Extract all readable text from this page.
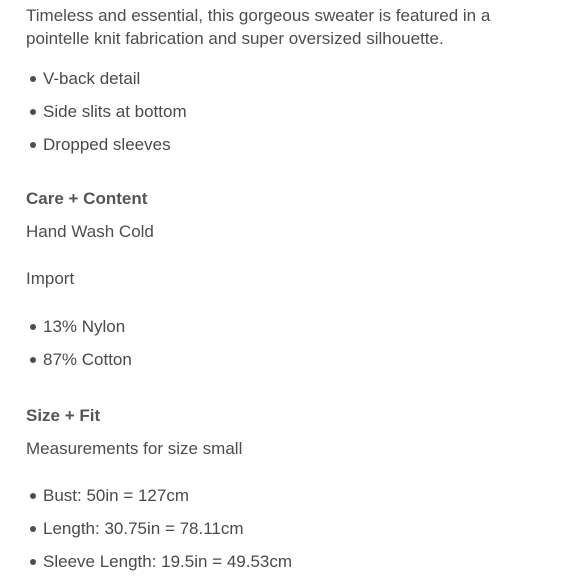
Timeless and essential, this gorgeous sweater is featured in a pointelle knit fabrication and super oversized silhouette.

V-back detail
Side slits at bottom
Dropped sleeves
Care + Content

Hand Wash Cold

Import

13% Nylon
87% Cotton
Size + Fit

Measurements for size small

Bust: 50in = 127cm
Length: 30.75in = 78.11cm
Sleeve Length: 19.5in = 49.53cm
